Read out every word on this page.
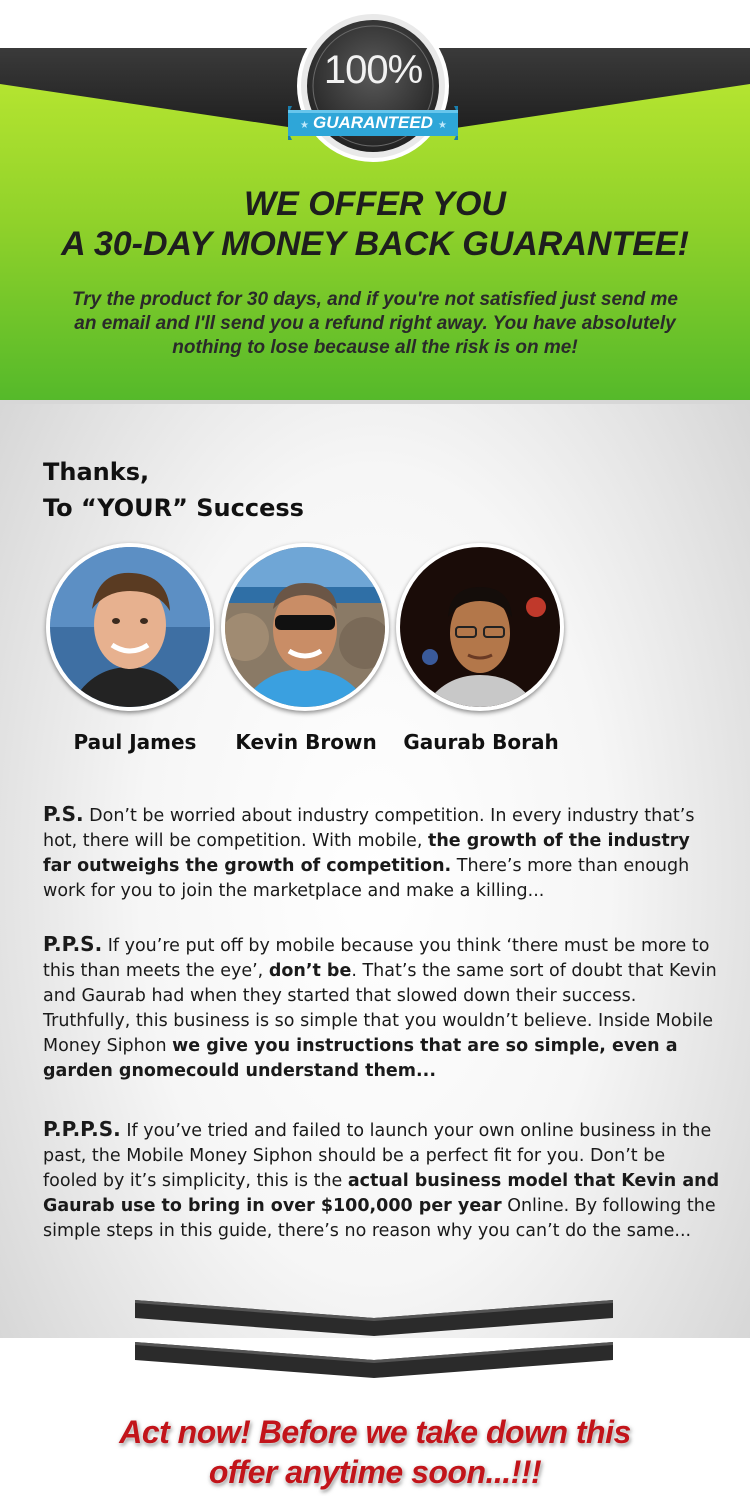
★	★
100%
GUARANTEED
WE OFFER YOU
A 30-DAY MONEY BACK GUARANTEE!
Try the product for 30 days, and if you're not satisfied just send me
an email and I'll send you a refund right away. You have absolutely
nothing to lose because all the risk is on me!
Thanks,
To “YOUR” Success
Paul James	Kevin Brown	Gaurab Borah
P.S. Don’t be worried about industry competition. In every industry that’s hot, there will be competition. With mobile, the growth of the industry far outweighs the growth of competition. There’s more than enough work for you to join the marketplace and make a killing...
P.P.S. If you’re put off by mobile because you think ‘there must be more to this than meets the eye’, don’t be. That’s the same sort of doubt that Kevin and Gaurab had when they started that slowed down their success. Truthfully, this business is so simple that you wouldn’t believe. Inside Mobile Money Siphon we give you instructions that are so simple, even a garden gnomecould understand them...
P.P.P.S. If you’ve tried and failed to launch your own online business in the past, the Mobile Money Siphon should be a perfect fit for you. Don’t be fooled by it’s simplicity, this is the actual business model that Kevin and Gaurab use to bring in over $100,000 per year Online. By following the simple steps in this guide, there’s no reason why you can’t do the same...
Act now! Before we take down this
offer anytime soon...!!!
